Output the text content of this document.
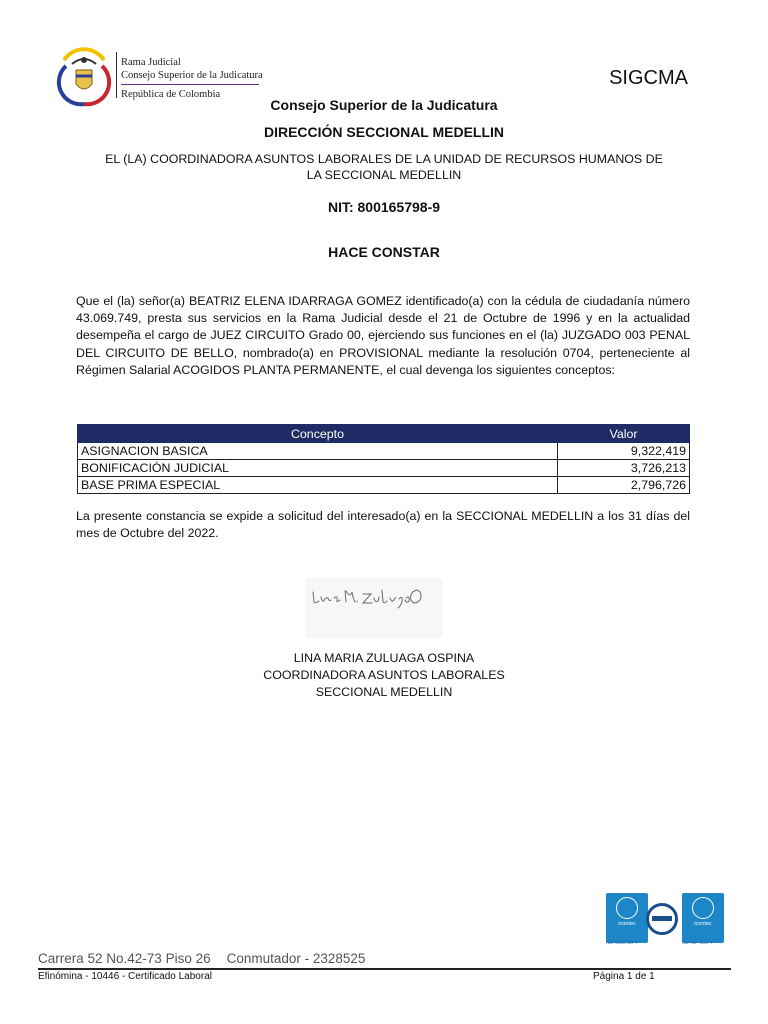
Rama Judicial
Consejo Superior de la Judicatura
República de Colombia
SIGCMA
Consejo Superior de la Judicatura
DIRECCIÓN SECCIONAL MEDELLIN
EL (LA) COORDINADORA ASUNTOS LABORALES DE LA UNIDAD DE RECURSOS HUMANOS DE
LA SECCIONAL MEDELLIN
NIT: 800165798-9
HACE CONSTAR
Que el (la) señor(a) BEATRIZ ELENA IDARRAGA GOMEZ identificado(a) con la cédula de ciudadanía número 43.069.749, presta sus servicios en la Rama Judicial desde el 21 de Octubre de 1996 y en la actualidad desempeña el cargo de JUEZ CIRCUITO Grado 00, ejerciendo sus funciones en el (la) JUZGADO 003 PENAL DEL CIRCUITO DE BELLO, nombrado(a) en PROVISIONAL mediante la resolución 0704, perteneciente al Régimen Salarial ACOGIDOS PLANTA PERMANENTE, el cual devenga los siguientes conceptos:
Concepto	Valor
ASIGNACION BASICA	9,322,419
BONIFICACIÓN JUDICIAL	3,726,213
BASE PRIMA ESPECIAL	2,796,726
La presente constancia se expide a solicitud del interesado(a) en la SECCIONAL MEDELLIN a los 31 días del mes de Octubre del 2022.
LINA MARIA ZULUAGA OSPINA
COORDINADORA ASUNTOS LABORALES
SECCIONAL MEDELLIN
icontec	icontec
No. SC5780-4	No. GP 059-4
Carrera 52 No.42-73 Piso 26 Conmutador - 2328525
Efinómina - 10446 - Certificado Laboral	Página 1 de 1
